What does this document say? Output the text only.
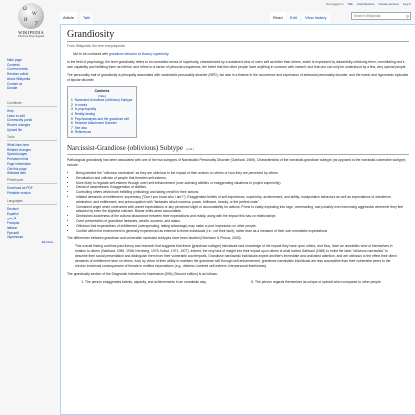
Ω
W
И
ア
WIKIPEDIA
The Free Encyclopedia
Main page
Contents
Current events
Random article
About Wikipedia
Contact us
Donate
Contribute
Help
Learn to edit
Community portal
Recent changes
Upload file
Tools
What links here
Related changes
Special pages
Permanent link
Page information
Cite this page
Wikidata item
Print/export
Download as PDF
Printable version
Languages
Deutsch
Español
فارسی
Français
Italiano
Русский
Українська
Edit links
Not logged in Talk Contributions Create account Log in
Article	Talk	Read	Edit	View history	Search Wikipedia	⚲
Grandiosity
From Wikipedia, the free encyclopedia
Not to be confused with grandiose delusion or illusory superiority.

In the field of psychology, the term grandiosity refers to an unrealistic sense of superiority, characterized by a sustained view of one's self as better than others, which is expressed by disdainfully criticizing them, overinflating one's own capability and belittling them as inferior; and refers to a sense of personal uniqueness, the belief that few other people have anything in common with oneself, and that one can only be understood by a few, very special people.

The personality trait of grandiosity is principally associated with narcissistic personality disorder (NPD), but also is a feature in the occurrence and expression of antisocial personality disorder, and the manic and hypomanic episodes of bipolar disorder.

Contents
[hide]
1 Narcissist-Grandiose (oblivious) Subtype
2 In mania
3 In psychopathy
4 Reality-testing
5 Psychoanalysis and the grandiose self
6 Reactive Attachment Disorder
7 See also
8 References
Narcissist-Grandiose (oblivious) Subtype [ edit ]

Pathological grandiosity has been associated with one of the two subtypes of Narcissistic Personality Disorder (Gabbard, 1989). Characteristics of the narcissist-grandiose subtype (as opposed to the narcissist-vulnerable subtype) include:

• Being labeled the "oblivious narcissists" as they are oblivious to the impact of their actions on others or how they are perceived by others.
• Devaluation and criticism of people that threaten self-esteem.
• More likely to regulate self-esteem through overt self-enhancement (over-claiming abilities or exaggerating situations to project superiority)
• Denial of weaknesses. Exaggeration of abilities.
• Controlling others whilst both belittling (criticizing) and taking credit for their actions.
• Inflated demands of entitlement, supremacy ("Don't you know who I am?"). Exaggerated beliefs of self-importance, superiority, achievement, and ability; manipulative behaviors as well as expectations of obedience, admiration, and entitlement; and preoccupation with "fantasies about success, power, brilliance, beauty, or the perfect mate".
• Consistent anger when confronted with unmet expectations or any perceived slight or accountability for actions. Prone to easily exploding into rage, overreacting, and possibly even becoming aggressive whenever they feel attacked by even the slightest criticism. Blame shifts when accountable.
• Diminished awareness of the cultural dissonance between their expectations and reality, along with the impact this has on relationships
• Overt presentation of grandiose fantasies, wealth, success, and status.
• Oblivious that expectations of entitlement (overspending, taking advantage) may make a poor impression on other people.
• Conflict within the environment is generally experienced as external to these individuals (i.e., not their fault), rather than as a measure of their own unrealistic expectations

The differences between grandiose and vulnerable narcissist subtypes have been studied (Dickinson & Pincus, 2003):

This overall finding confirms past theory and research that suggests that these [grandiose subtype] individuals lack knowledge of the impact they have upon others, and thus, have an unrealistic view of themselves in relation to others (Gabbard, 1989, 1998; Kernberg, 1975; Kohut, 1971, 1977). Indeed, the very lack of insight into their impact upon others is what incited Gabbard (1989) to enlist the label "oblivious narcissists" to describe their social presentation and distinguish them from their vulnerable counterparts. Grandiose narcissistic individuals expect another's immediate and undivided attention, and are oblivious to the effect their direct demands of entitlement have on others. And, by virtue of their ability to maintain the grandiose self through self-enhancement, grandiose narcissistic individuals are less susceptible than their vulnerable peers to the chronic emotional consequences of threats to entitled expectations (e.g., distress, lowered self-esteem, interpersonal fearfulness).

The grandiosity section of the Diagnostic Interview for Narcissism (DIN) (Second edition) is as follows:

1. The person exaggerates talents, capacity, and achievements in an unrealistic way.
6.	The person regards themselves as unique or special when compared to other people.
